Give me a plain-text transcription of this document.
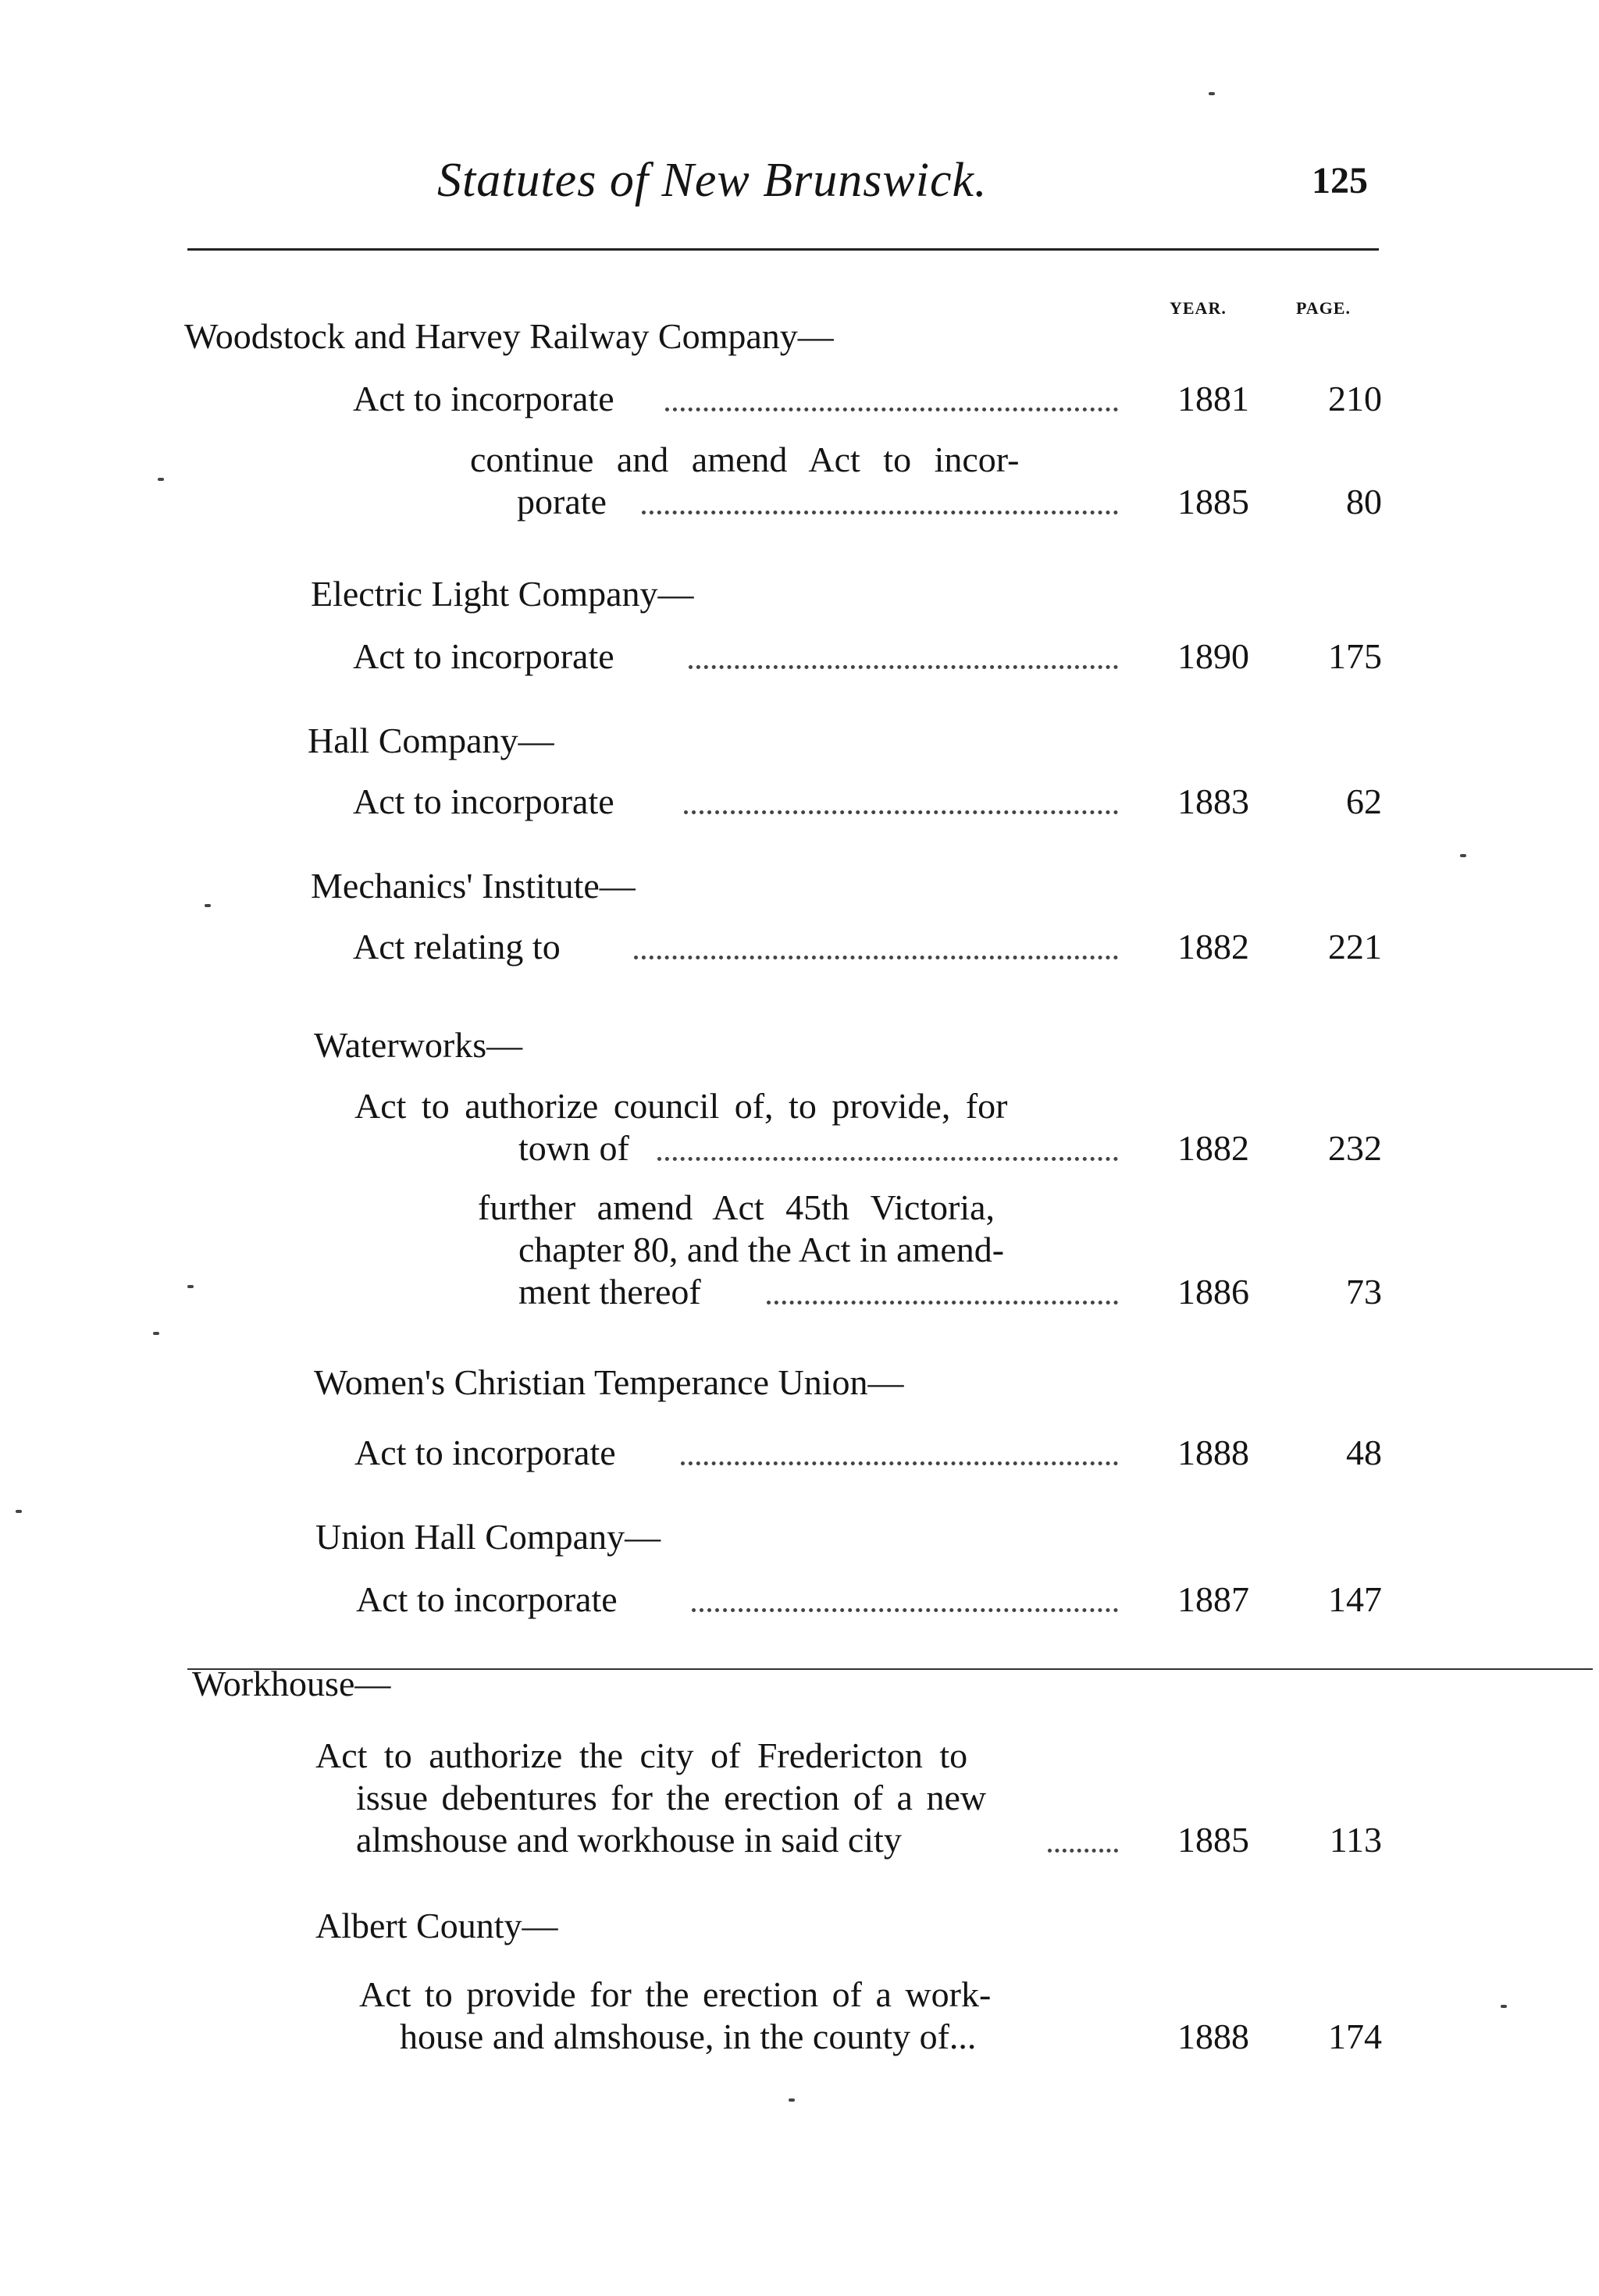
Statutes of New Brunswick.	125
YEAR.	PAGE.
Woodstock and Harvey Railway Company—
Act to incorporate	1881 210
continue and amend Act to incor-
porate	1885	80
Electric Light Company—
Act to incorporate	1890 175
Hall Company—
Act to incorporate	1883	62
Mechanics' Institute—
Act relating to	1882 221
Waterworks—
Act to authorize council of, to provide, for
town of	1882 232
further amend Act 45th Victoria,
chapter 80, and the Act in amend-
ment thereof	1886	73
Women's Christian Temperance Union—
Act to incorporate	1888	48
Union Hall Company—
Act to incorporate	1887 147
Workhouse—
Act to authorize the city of Fredericton to
issue debentures for the erection of a new
almshouse and workhouse in said city	1885 113
Albert County—
Act to provide for the erection of a work-
house and almshouse, in the county of...	1888 174
